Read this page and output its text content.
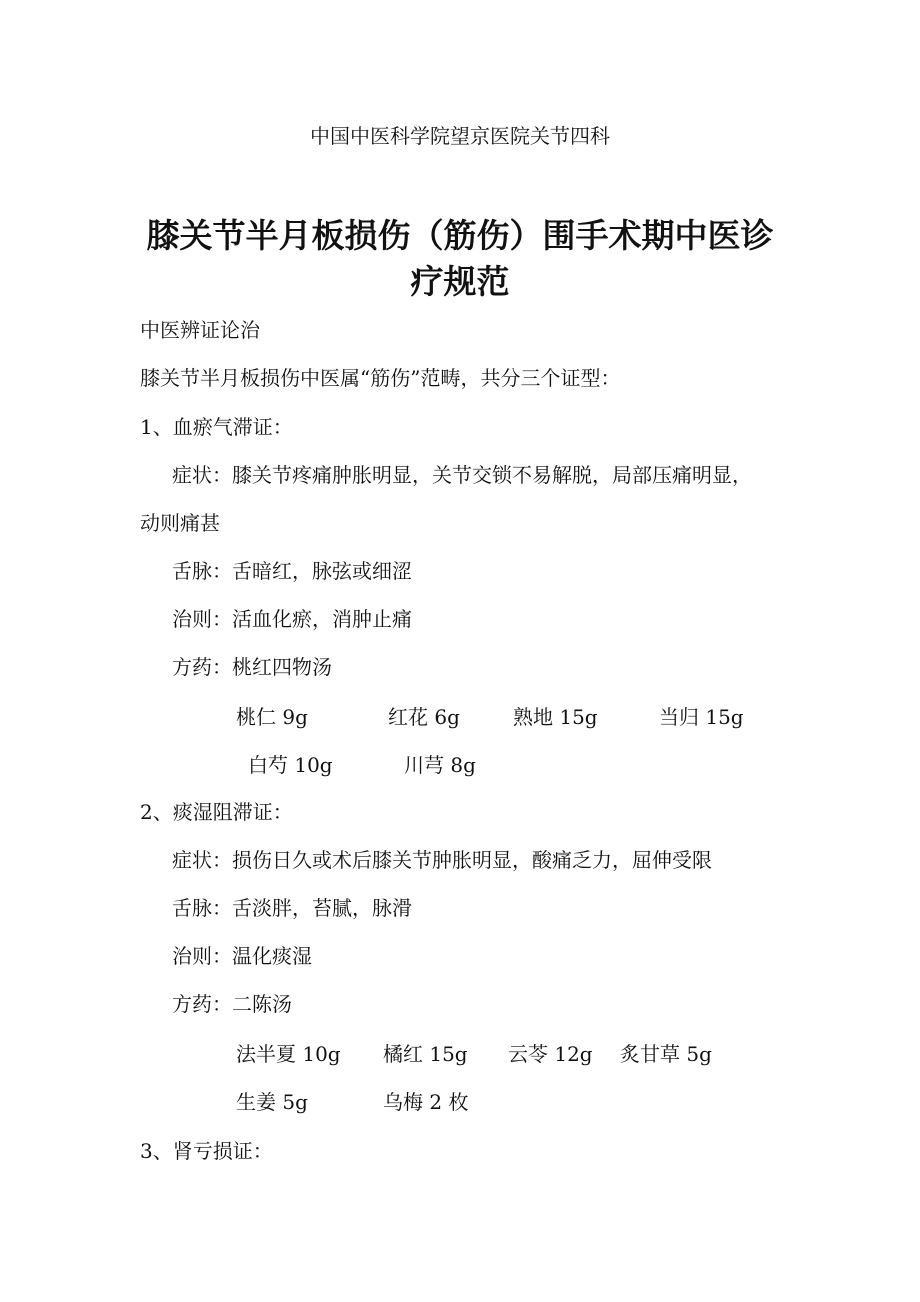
中国中医科学院望京医院关节四科
膝关节半月板损伤（筋伤）围手术期中医诊
疗规范
中医辨证论治
膝关节半月板损伤中医属“筋伤”范畴，共分三个证型：
1、血瘀气滞证：
症状：膝关节疼痛肿胀明显，关节交锁不易解脱，局部压痛明显，
动则痛甚
舌脉：舌暗红，脉弦或细涩
治则：活血化瘀，消肿止痛
方药：桃红四物汤
桃仁 9g	红花 6g	熟地 15g	当归 15g
白芍 10g	川芎 8g
2、痰湿阻滞证：
症状：损伤日久或术后膝关节肿胀明显，酸痛乏力，屈伸受限
舌脉：舌淡胖，苔腻，脉滑
治则：温化痰湿
方药：二陈汤
法半夏 10g 橘红 15g 云苓 12g 炙甘草 5g
生姜 5g	乌梅 2 枚
3、肾亏损证：
